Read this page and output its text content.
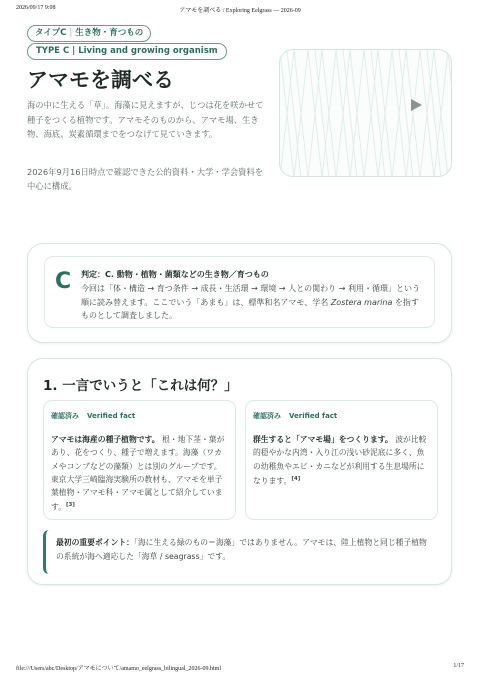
2026/09/17 9:08	アマモを調べる / Exploring Eelgrass — 2026-09
タイプC | 生き物・育つもの
TYPE C | Living and growing organism
アマモを調べる

海の中に生える「草」。海藻に見えますが、じつは花を咲かせて種子をつくる植物です。アマモそのものから、アマモ場、生き物、海底、炭素循環までをつなげて見ていきます。

2026年9月16日時点で確認できた公的資料・大学・学会資料を中心に構成。

C 判定：C. 動物・植物・菌類などの生き物／育つもの

今回は「体・構造 → 育つ条件 → 成長・生活環 → 環境 → 人との関わり → 利用・循環」という順に読み替えます。ここでいう「あまも」は、標準和名アマモ、学名 Zostera marina を指すものとして調査しました。

1. 一言でいうと「これは何？」
確認済み Verified fact

アマモは海産の種子植物です。 根・地下茎・葉があり、花をつくり、種子で増えます。海藻（ワカメやコンブなどの藻類）とは別のグループです。東京大学三崎臨海実験所の教材も、アマモを単子葉植物・アマモ科・アマモ属として紹介しています。[3]

確認済み Verified fact

群生すると「アマモ場」をつくります。 波が比較的穏やかな内湾・入り江の浅い砂泥底に多く、魚の幼稚魚やエビ・カニなどが利用する生息場所になります。[4]

最初の重要ポイント：「海に生える緑のもの＝海藻」ではありません。アマモは、陸上植物と同じ種子植物の系統が海へ適応した「海草 / seagrass」です。

file:///Users/abc/Desktop/アマモについて/amamo_eelgrass_bilingual_2026-09.html	1/17
